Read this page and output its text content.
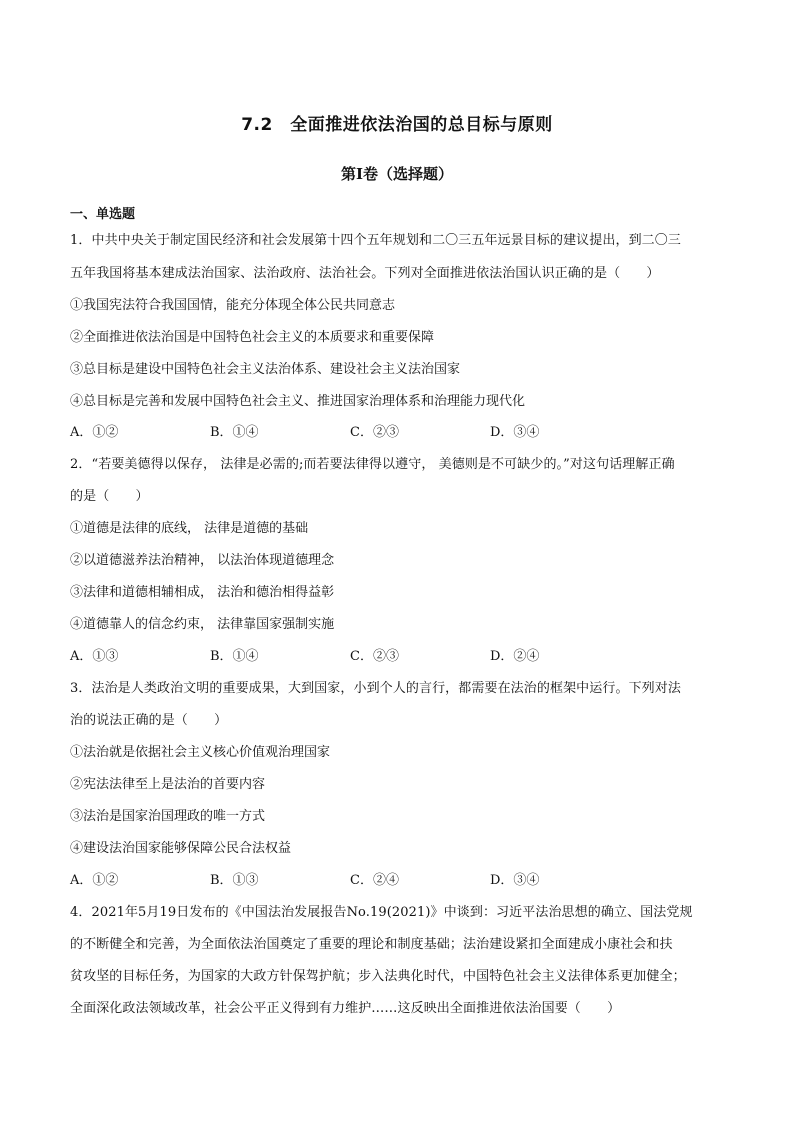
7.2　全面推进依法治国的总目标与原则
第I卷（选择题）
一、单选题
1．中共中央关于制定国民经济和社会发展第十四个五年规划和二〇三五年远景目标的建议提出，到二〇三
五年我国将基本建成法治国家、法治政府、法治社会。下列对全面推进依法治国认识正确的是（　　）
①我国宪法符合我国国情，能充分体现全体公民共同意志
②全面推进依法治国是中国特色社会主义的本质要求和重要保障
③总目标是建设中国特色社会主义法治体系、建设社会主义法治国家
④总目标是完善和发展中国特色社会主义、推进国家治理体系和治理能力现代化
A．①②	B．①④	C．②③	D．③④
2．“若要美德得以保存， 法律是必需的;而若要法律得以遵守， 美德则是不可缺少的。”对这句话理解正确
的是（　　）
①道德是法律的底线， 法律是道德的基础
②以道德滋养法治精神， 以法治体现道德理念
③法律和道德相辅相成， 法治和德治相得益彰
④道德靠人的信念约束， 法律靠国家强制实施
A．①③	B．①④	C．②③	D．②④
3．法治是人类政治文明的重要成果，大到国家，小到个人的言行，都需要在法治的框架中运行。下列对法
治的说法正确的是（　　）
①法治就是依据社会主义核心价值观治理国家
②宪法法律至上是法治的首要内容
③法治是国家治国理政的唯一方式
④建设法治国家能够保障公民合法权益
A．①②	B．①③	C．②④	D．③④
4．2021年5月19日发布的《中国法治发展报告No.19(2021)》中谈到：习近平法治思想的确立、国法党规
的不断健全和完善，为全面依法治国奠定了重要的理论和制度基础；法治建设紧扣全面建成小康社会和扶
贫攻坚的目标任务，为国家的大政方针保驾护航；步入法典化时代，中国特色社会主义法律体系更加健全；
全面深化政法领域改革，社会公平正义得到有力维护……这反映出全面推进依法治国要（　　）
